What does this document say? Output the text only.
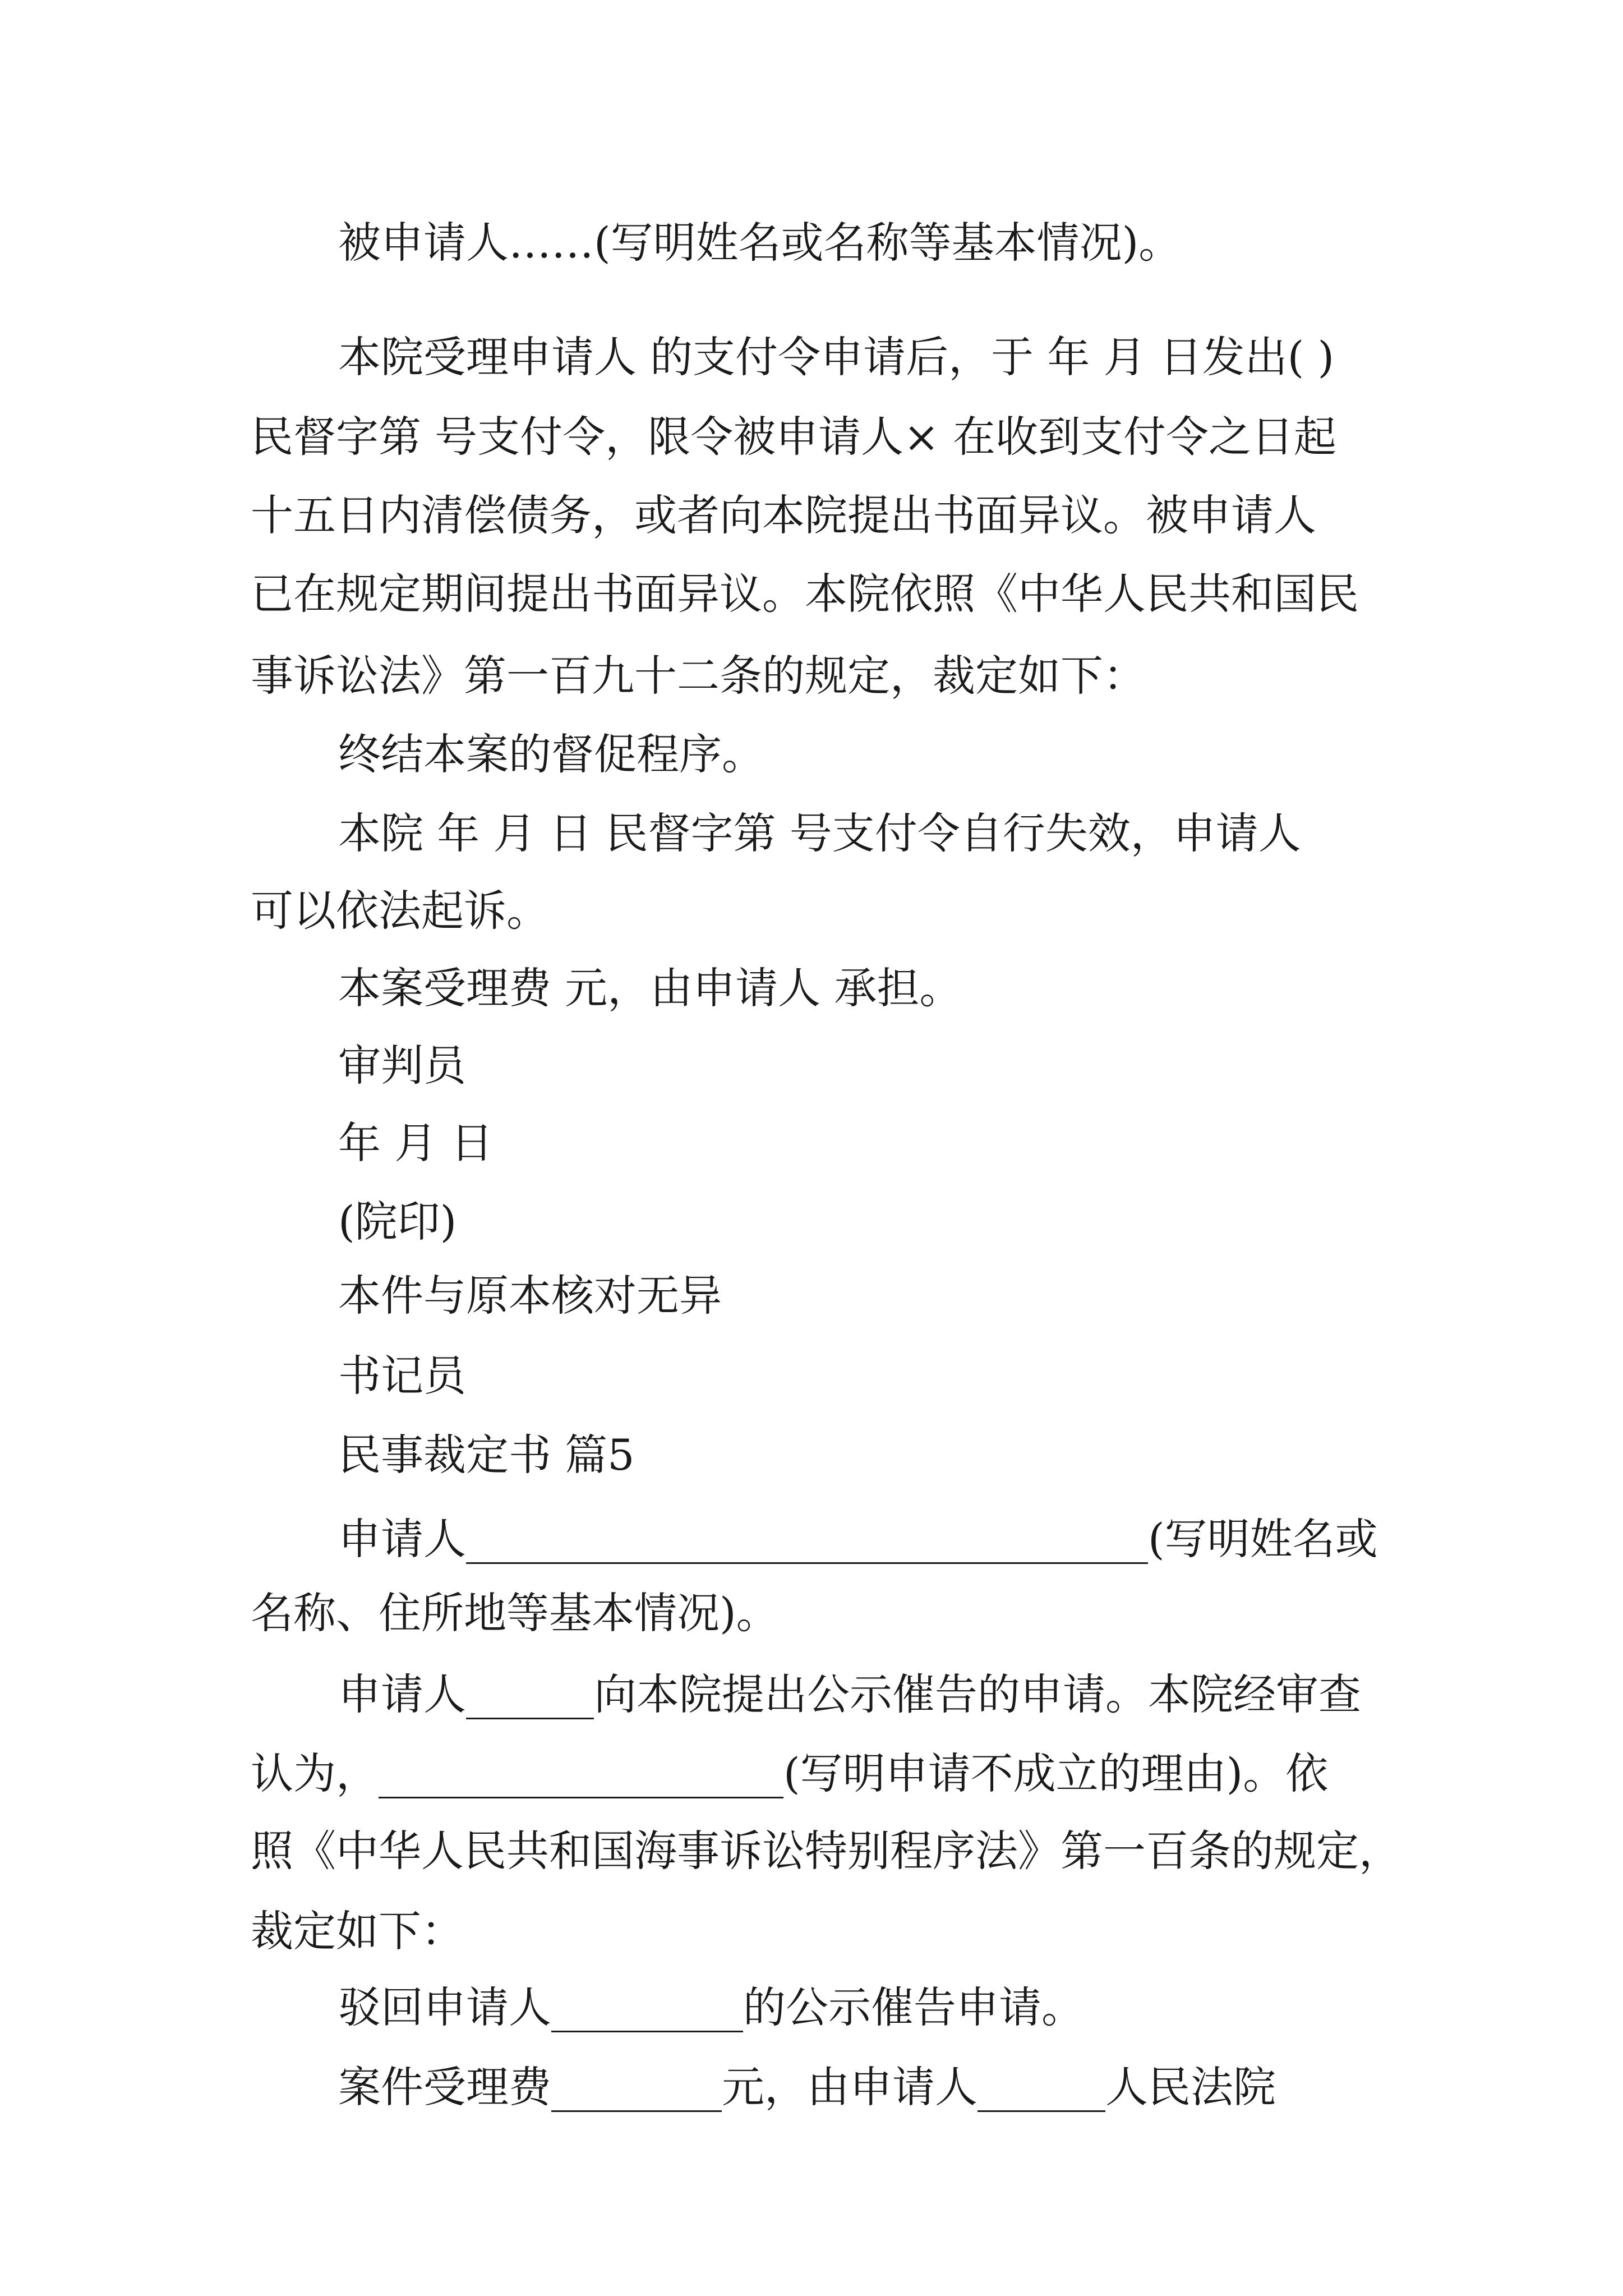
被申请人……(写明姓名或名称等基本情况)。
本院受理申请人 的支付令申请后，于 年 月 日发出( )
民督字第 号支付令，限令被申请人× 在收到支付令之日起
十五日内清偿债务，或者向本院提出书面异议。被申请人
已在规定期间提出书面异议。本院依照《中华人民共和国民
事诉讼法》第一百九十二条的规定，裁定如下：
终结本案的督促程序。
本院 年 月 日 民督字第 号支付令自行失效，申请人
可以依法起诉。
本案受理费 元，由申请人 承担。
审判员
年 月 日
(院印)
本件与原本核对无异
书记员
民事裁定书 篇5
申请人________________________________(写明姓名或
名称、住所地等基本情况)。
申请人______向本院提出公示催告的申请。本院经审查
认为，___________________(写明申请不成立的理由)。依
照《中华人民共和国海事诉讼特别程序法》第一百条的规定，
裁定如下：
驳回申请人_________的公示催告申请。
案件受理费________元，由申请人______人民法院
